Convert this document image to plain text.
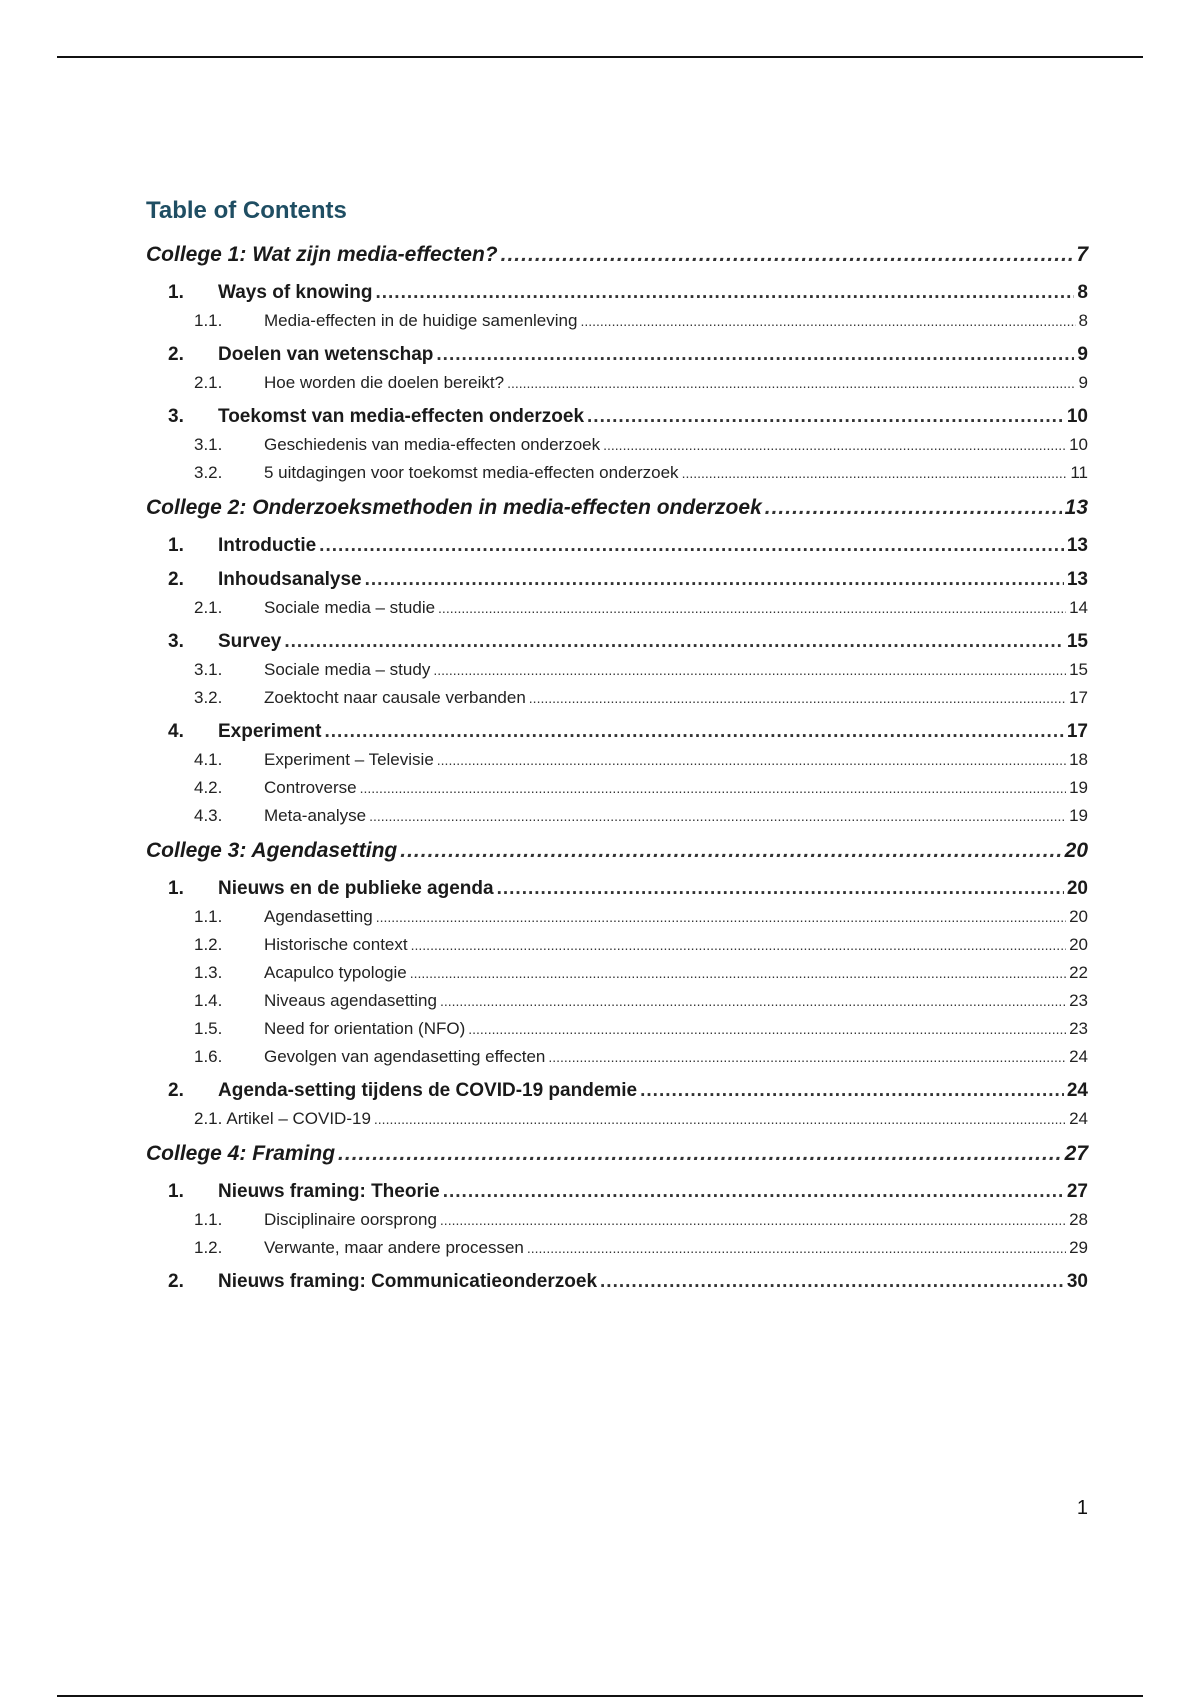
Table of Contents
College 1: Wat zijn media-effecten? .....	7
1.	Ways of knowing .....	8
1.1.	Media-effecten in de huidige samenleving .....	8
2.	Doelen van wetenschap .....	9
2.1.	Hoe worden die doelen bereikt? .....	9
3.	Toekomst van media-effecten onderzoek .....	10
3.1.	Geschiedenis van media-effecten onderzoek .....	10
3.2.	5 uitdagingen voor toekomst media-effecten onderzoek .....	11
College 2: Onderzoeksmethoden in media-effecten onderzoek .....	13
1.	Introductie .....	13
2.	Inhoudsanalyse .....	13
2.1.	Sociale media – studie .....	14
3.	Survey .....	15
3.1.	Sociale media – study .....	15
3.2.	Zoektocht naar causale verbanden .....	17
4.	Experiment .....	17
4.1.	Experiment – Televisie .....	18
4.2.	Controverse .....	19
4.3.	Meta-analyse .....	19
College 3: Agendasetting .....	20
1.	Nieuws en de publieke agenda .....	20
1.1.	Agendasetting .....	20
1.2.	Historische context .....	20
1.3.	Acapulco typologie .....	22
1.4.	Niveaus agendasetting .....	23
1.5.	Need for orientation (NFO) .....	23
1.6.	Gevolgen van agendasetting effecten .....	24
2.	Agenda-setting tijdens de COVID-19 pandemie .....	24
2.1. Artikel – COVID-19 .....	24
College 4: Framing .....	27
1.	Nieuws framing: Theorie .....	27
1.1.	Disciplinaire oorsprong .....	28
1.2.	Verwante, maar andere processen .....	29
2.	Nieuws framing: Communicatieonderzoek .....	30
1
